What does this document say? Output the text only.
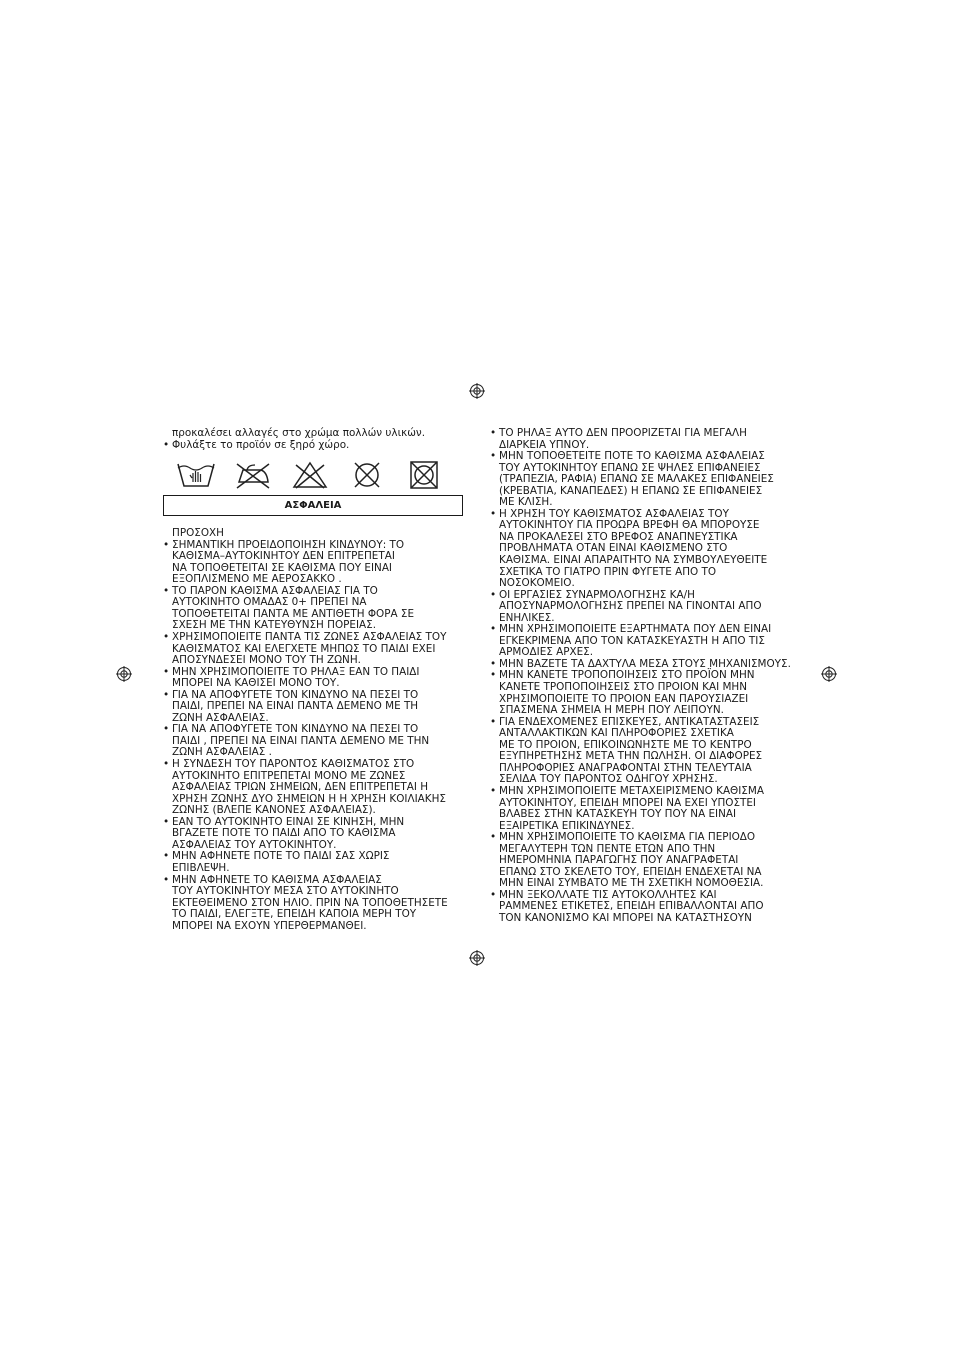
προκαλέσει αλλαγές στο χρώμα πολλών υλικών.
• Φυλάξτε το προϊόν σε ξηρό χώρο.
ΑΣΦΑΛΕΙΑ
ΠΡΟΣΟΧΗ
• ΣΗΜΑΝΤΙΚΗ ΠΡΟΕΙΔΟΠΟΙΗΣΗ ΚΙΝΔΥΝΟΥ: ΤΟ
ΚΑΘΙΣΜΑ–ΑΥΤΟΚΙΝΗΤΟΥ ΔΕΝ ΕΠΙΤΡΕΠΕΤΑΙ
ΝΑ ΤΟΠΟΘΕΤΕΙΤΑΙ ΣΕ ΚΑΘΙΣΜΑ ΠΟΥ ΕΙΝΑΙ
ΕΞΟΠΛΙΣΜΕΝΟ ΜΕ ΑΕΡΟΣΑΚΚΟ .
• ΤΟ ΠΑΡΟΝ ΚΑΘΙΣΜΑ ΑΣΦΑΛΕΙΑΣ ΓΙΑ ΤΟ
ΑΥΤΟΚΙΝΗΤΟ ΟΜΑΔΑΣ 0+ ΠΡΕΠΕΙ ΝΑ
ΤΟΠΟΘΕΤΕΙΤΑΙ ΠΑΝΤΑ ΜΕ ΑΝΤΙΘΕΤΗ ΦΟΡΑ ΣΕ
ΣΧΕΣΗ ΜΕ ΤΗΝ ΚΑΤΕΥΘΥΝΣΗ ΠΟΡΕΙΑΣ.
• ΧΡΗΣΙΜΟΠΟΙΕΙΤΕ ΠΑΝΤΑ ΤΙΣ ΖΩΝΕΣ ΑΣΦΑΛΕΙΑΣ ΤΟΥ
ΚΑΘΙΣΜΑΤΟΣ ΚΑΙ ΕΛΕΓΧΕΤΕ ΜΗΠΩΣ ΤΟ ΠΑΙΔΙ ΕΧΕΙ
ΑΠΟΣΥΝΔΕΣΕΙ ΜΟΝΟ ΤΟΥ ΤΗ ΖΩΝΗ.
• ΜΗΝ ΧΡΗΣΙΜΟΠΟΙΕΙΤΕ ΤΟ ΡΗΛΑΞ ΕΑΝ ΤΟ ΠΑΙΔΙ
ΜΠΟΡΕΙ ΝΑ ΚΑΘΙΣΕΙ ΜΟΝΟ ΤΟΥ.
• ΓΙΑ ΝΑ ΑΠΟΦΥΓΕΤΕ ΤΟΝ ΚΙΝΔΥΝΟ ΝΑ ΠΕΣΕΙ ΤΟ
ΠΑΙΔΙ, ΠΡΕΠΕΙ ΝΑ ΕΙΝΑΙ ΠΑΝΤΑ ΔΕΜΕΝΟ ΜΕ ΤΗ
ΖΩΝΗ ΑΣΦΑΛΕΙΑΣ.
• ΓΙΑ ΝΑ ΑΠΟΦΥΓΕΤΕ ΤΟΝ ΚΙΝΔΥΝΟ ΝΑ ΠΕΣΕΙ ΤΟ
ΠΑΙΔΙ , ΠΡΕΠΕΙ ΝΑ ΕΙΝΑΙ ΠΑΝΤΑ ΔΕΜΕΝΟ ΜΕ ΤΗΝ
ΖΩΝΗ ΑΣΦΑΛΕΙΑΣ .
• Η ΣΥΝΔΕΣΗ ΤΟΥ ΠΑΡΟΝΤΟΣ ΚΑΘΙΣΜΑΤΟΣ ΣΤΟ
ΑΥΤΟΚΙΝΗΤΟ ΕΠΙΤΡΕΠΕΤΑΙ ΜΟΝΟ ΜΕ ΖΩΝΕΣ
ΑΣΦΑΛΕΙΑΣ ΤΡΙΩΝ ΣΗΜΕΙΩΝ, ΔΕΝ ΕΠΙΤΡΕΠΕΤΑΙ Η
ΧΡΗΣΗ ΖΩΝΗΣ ΔΥΟ ΣΗΜΕΙΩΝ Η Η ΧΡΗΣΗ ΚΟΙΛΙΑΚΗΣ
ΖΩΝΗΣ (ΒΛΕΠΕ ΚΑΝΟΝΕΣ ΑΣΦΑΛΕΙΑΣ).
• ΕΑΝ ΤΟ ΑΥΤΟΚΙΝΗΤΟ ΕΙΝΑΙ ΣΕ ΚΙΝΗΣΗ, ΜΗΝ
ΒΓΑΖΕΤΕ ΠΟΤΕ ΤΟ ΠΑΙΔΙ ΑΠΟ ΤΟ ΚΑΘΙΣΜΑ
ΑΣΦΑΛΕΙΑΣ ΤΟΥ ΑΥΤΟΚΙΝΗΤΟΥ.
• ΜΗΝ ΑΦΗΝΕΤΕ ΠΟΤΕ ΤΟ ΠΑΙΔΙ ΣΑΣ ΧΩΡΙΣ
ΕΠΙΒΛΕΨΗ.
• ΜΗΝ ΑΦΗΝΕΤΕ ΤΟ ΚΑΘΙΣΜΑ ΑΣΦΑΛΕΙΑΣ
ΤΟΥ ΑΥΤΟΚΙΝΗΤΟΥ ΜΕΣΑ ΣΤΟ ΑΥΤΟΚΙΝΗΤΟ
ΕΚΤΕΘΕΙΜΕΝΟ ΣΤΟΝ ΗΛΙΟ. ΠΡΙΝ ΝΑ ΤΟΠΟΘΕΤΗΣΕΤΕ
ΤΟ ΠΑΙΔΙ, ΕΛΕΓΞΤΕ, ΕΠΕΙΔΗ ΚΑΠΟΙΑ ΜΕΡΗ ΤΟΥ
ΜΠΟΡΕΙ ΝΑ ΕΧΟΥΝ ΥΠΕΡΘΕΡΜΑΝΘΕΙ.
• ΤΟ ΡΗΛΑΞ ΑΥΤΟ ΔΕΝ ΠΡΟΟΡΙΖΕΤΑΙ ΓΙΑ ΜΕΓΑΛΗ
ΔΙΑΡΚΕΙΑ ΥΠΝΟΥ.
• ΜΗΝ ΤΟΠΟΘΕΤΕΙΤΕ ΠΟΤΕ ΤΟ ΚΑΘΙΣΜΑ ΑΣΦΑΛΕΙΑΣ
ΤΟΥ ΑΥΤΟΚΙΝΗΤΟΥ ΕΠΑΝΩ ΣΕ ΨΗΛΕΣ ΕΠΙΦΑΝΕΙΕΣ
(ΤΡΑΠΕΖΙΑ, ΡΑΦΙΑ) ΕΠΑΝΩ ΣΕ ΜΑΛΑΚΕΣ ΕΠΙΦΑΝΕΙΕΣ
(ΚΡΕΒΑΤΙΑ, ΚΑΝΑΠΕΔΕΣ) Η ΕΠΑΝΩ ΣΕ ΕΠΙΦΑΝΕΙΕΣ
ΜΕ ΚΛΙΣΗ.
• Η ΧΡΗΣΗ ΤΟΥ ΚΑΘΙΣΜΑΤΟΣ ΑΣΦΑΛΕΙΑΣ ΤΟΥ
ΑΥΤΟΚΙΝΗΤΟΥ ΓΙΑ ΠΡΟΩΡΑ ΒΡΕΦΗ ΘΑ ΜΠΟΡΟΥΣΕ
ΝΑ ΠΡΟΚΑΛΕΣΕΙ ΣΤΟ ΒΡΕΦΟΣ ΑΝΑΠΝΕΥΣΤΙΚΑ
ΠΡΟΒΛΗΜΑΤΑ ΟΤΑΝ ΕΙΝΑΙ ΚΑΘΙΣΜΕΝΟ ΣΤΟ
ΚΑΘΙΣΜΑ. ΕΙΝΑΙ ΑΠΑΡΑΙΤΗΤΟ ΝΑ ΣΥΜΒΟΥΛΕΥΘΕΙΤΕ
ΣΧΕΤΙΚΑ ΤΟ ΓΙΑΤΡΟ ΠΡΙΝ ΦΥΓΕΤΕ ΑΠΟ ΤΟ
ΝΟΣΟΚΟΜΕΙΟ.
• ΟΙ ΕΡΓΑΣΙΕΣ ΣΥΝΑΡΜΟΛΟΓΗΣΗΣ ΚΑ/Η
ΑΠΟΣΥΝΑΡΜΟΛΟΓΗΣΗΣ ΠΡΕΠΕΙ ΝΑ ΓΙΝΟΝΤΑΙ ΑΠΟ
ΕΝΗΛΙΚΕΣ.
• ΜΗΝ ΧΡΗΣΙΜΟΠΟΙΕΙΤΕ ΕΞΑΡΤΗΜΑΤΑ ΠΟΥ ΔΕΝ ΕΙΝΑΙ
ΕΓΚΕΚΡΙΜΕΝΑ ΑΠΟ ΤΟΝ ΚΑΤΑΣΚΕΥΑΣΤΗ Η ΑΠΟ ΤΙΣ
ΑΡΜΟΔΙΕΣ ΑΡΧΕΣ.
• ΜΗΝ ΒΑΖΕΤΕ ΤΑ ΔΑΧΤΥΛΑ ΜΕΣΑ ΣΤΟΥΣ ΜΗΧΑΝΙΣΜΟΥΣ.
• ΜΗΝ ΚΑΝΕΤΕ ΤΡΟΠΟΠΟΙΗΣΕΙΣ ΣΤΟ ΠΡΟΪΟΝ ΜΗΝ
ΚΑΝΕΤΕ ΤΡΟΠΟΠΟΙΗΣΕΙΣ ΣΤΟ ΠΡΟΙΟΝ ΚΑΙ ΜΗΝ
ΧΡΗΣΙΜΟΠΟΙΕΙΤΕ ΤΟ ΠΡΟΙΟΝ ΕΑΝ ΠΑΡΟΥΣΙΑΖΕΙ
ΣΠΑΣΜΕΝΑ ΣΗΜΕΙΑ Η ΜΕΡΗ ΠΟΥ ΛΕΙΠΟΥΝ.
• ΓΙΑ ΕΝΔΕΧΟΜΕΝΕΣ ΕΠΙΣΚΕΥΕΣ, ΑΝΤΙΚΑΤΑΣΤΑΣΕΙΣ
ΑΝΤΑΛΛΑΚΤΙΚΩΝ ΚΑΙ ΠΛΗΡΟΦΟΡΙΕΣ ΣΧΕΤΙΚΑ
ΜΕ ΤΟ ΠΡΟΙΟΝ, ΕΠΙΚΟΙΝΩΝΗΣΤΕ ΜΕ ΤΟ ΚΕΝΤΡΟ
ΕΞΥΠΗΡΕΤΗΣΗΣ ΜΕΤΑ ΤΗΝ ΠΩΛΗΣΗ. ΟΙ ΔΙΑΦΟΡΕΣ
ΠΛΗΡΟΦΟΡΙΕΣ ΑΝΑΓΡΑΦΟΝΤΑΙ ΣΤΗΝ ΤΕΛΕΥΤΑΙΑ
ΣΕΛΙΔΑ ΤΟΥ ΠΑΡΟΝΤΟΣ ΟΔΗΓΟΥ ΧΡΗΣΗΣ.
• ΜΗΝ ΧΡΗΣΙΜΟΠΟΙΕΙΤΕ ΜΕΤΑΧΕΙΡΙΣΜΕΝΟ ΚΑΘΙΣΜΑ
ΑΥΤΟΚΙΝΗΤΟΥ, ΕΠΕΙΔΗ ΜΠΟΡΕΙ ΝΑ ΕΧΕΙ ΥΠΟΣΤΕΙ
ΒΛΑΒΕΣ ΣΤΗΝ ΚΑΤΑΣΚΕΥΗ ΤΟΥ ΠΟΥ ΝΑ ΕΙΝΑΙ
ΕΞΑΙΡΕΤΙΚΑ ΕΠΙΚΙΝΔΥΝΕΣ.
• ΜΗΝ ΧΡΗΣΙΜΟΠΟΙΕΙΤΕ ΤΟ ΚΑΘΙΣΜΑ ΓΙΑ ΠΕΡΙΟΔΟ
ΜΕΓΑΛΥΤΕΡΗ ΤΩΝ ΠΕΝΤΕ ΕΤΩΝ ΑΠΟ ΤΗΝ
ΗΜΕΡΟΜΗΝΙΑ ΠΑΡΑΓΩΓΗΣ ΠΟΥ ΑΝΑΓΡΑΦΕΤΑΙ
ΕΠΑΝΩ ΣΤΟ ΣΚΕΛΕΤΟ ΤΟΥ, ΕΠΕΙΔΗ ΕΝΔΕΧΕΤΑΙ ΝΑ
ΜΗΝ ΕΙΝΑΙ ΣΥΜΒΑΤΟ ΜΕ ΤΗ ΣΧΕΤΙΚΗ ΝΟΜΟΘΕΣΙΑ.
• ΜΗΝ ΞΕΚΟΛΛΑΤΕ ΤΙΣ ΑΥΤΟΚΟΛΛΗΤΕΣ ΚΑΙ
ΡΑΜΜΕΝΕΣ ΕΤΙΚΕΤΕΣ, ΕΠΕΙΔΗ ΕΠΙΒΑΛΛΟΝΤΑΙ ΑΠΟ
ΤΟΝ ΚΑΝΟΝΙΣΜΟ ΚΑΙ ΜΠΟΡΕΙ ΝΑ ΚΑΤΑΣΤΗΣΟΥΝ
